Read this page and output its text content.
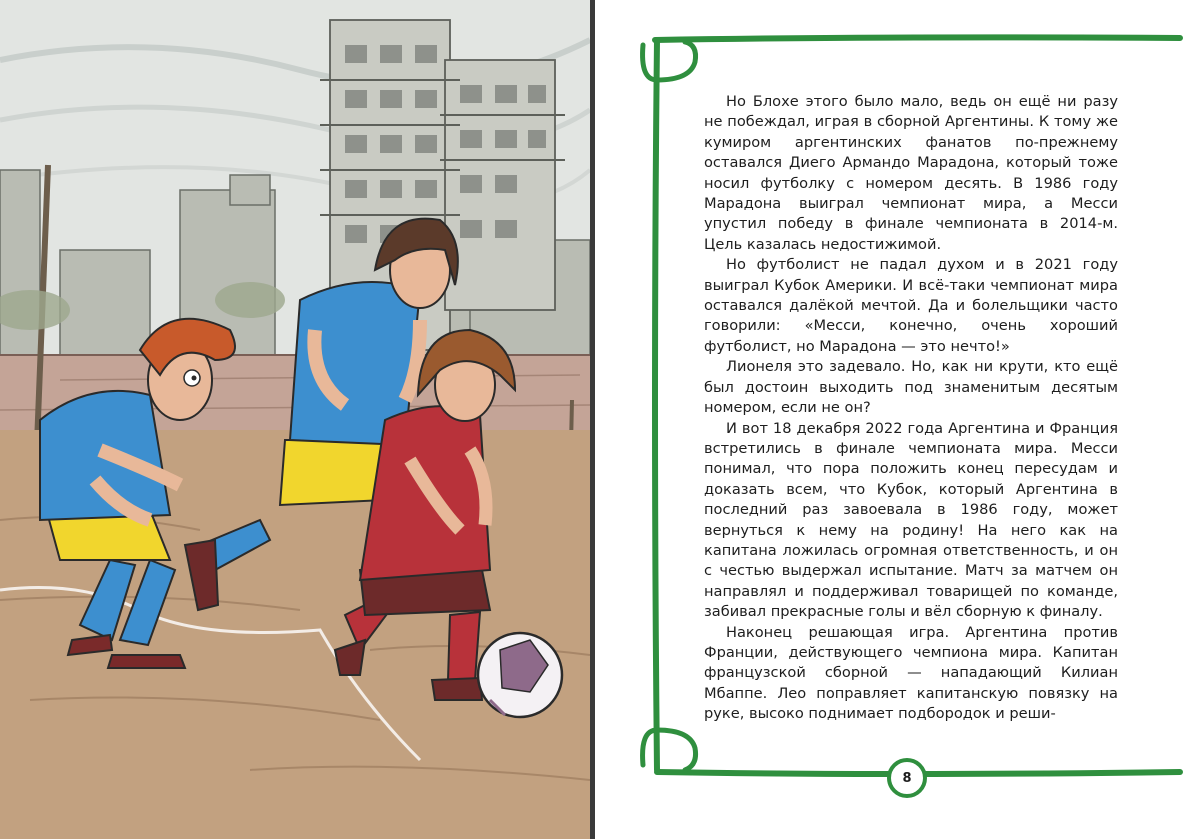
Но Блохе этого было мало, ведь он ещё ни разу не побеждал, играя в сборной Аргентины. К тому же кумиром аргентинских фанатов по-прежнему оставался Диего Армандо Марадона, который тоже носил футболку с номером десять. В 1986 году Марадона выиграл чемпионат мира, а Месси упустил победу в финале чемпионата в 2014-м. Цель казалась недостижимой.

Но футболист не падал духом и в 2021 году выиграл Кубок Америки. И всё-таки чемпионат мира оставался далёкой мечтой. Да и болельщики часто говорили: «Месси, конечно, очень хороший футболист, но Марадона — это нечто!»

Лионеля это задевало. Но, как ни крути, кто ещё был достоин выходить под знаменитым десятым номером, если не он?

И вот 18 декабря 2022 года Аргентина и Франция встретились в финале чемпионата мира. Месси понимал, что пора положить конец пересудам и доказать всем, что Кубок, который Аргентина в последний раз завоевала в 1986 году, может вернуться к нему на родину! На него как на капитана ложилась огромная ответственность, и он с честью выдержал испытание. Матч за матчем он направлял и поддерживал товарищей по команде, забивал прекрасные голы и вёл сборную к финалу.

Наконец решающая игра. Аргентина против Франции, действующего чемпиона мира. Капитан французской сборной — нападающий Килиан Мбаппе. Лео поправляет капитанскую повязку на руке, высоко поднимает подбородок и реши-

8
